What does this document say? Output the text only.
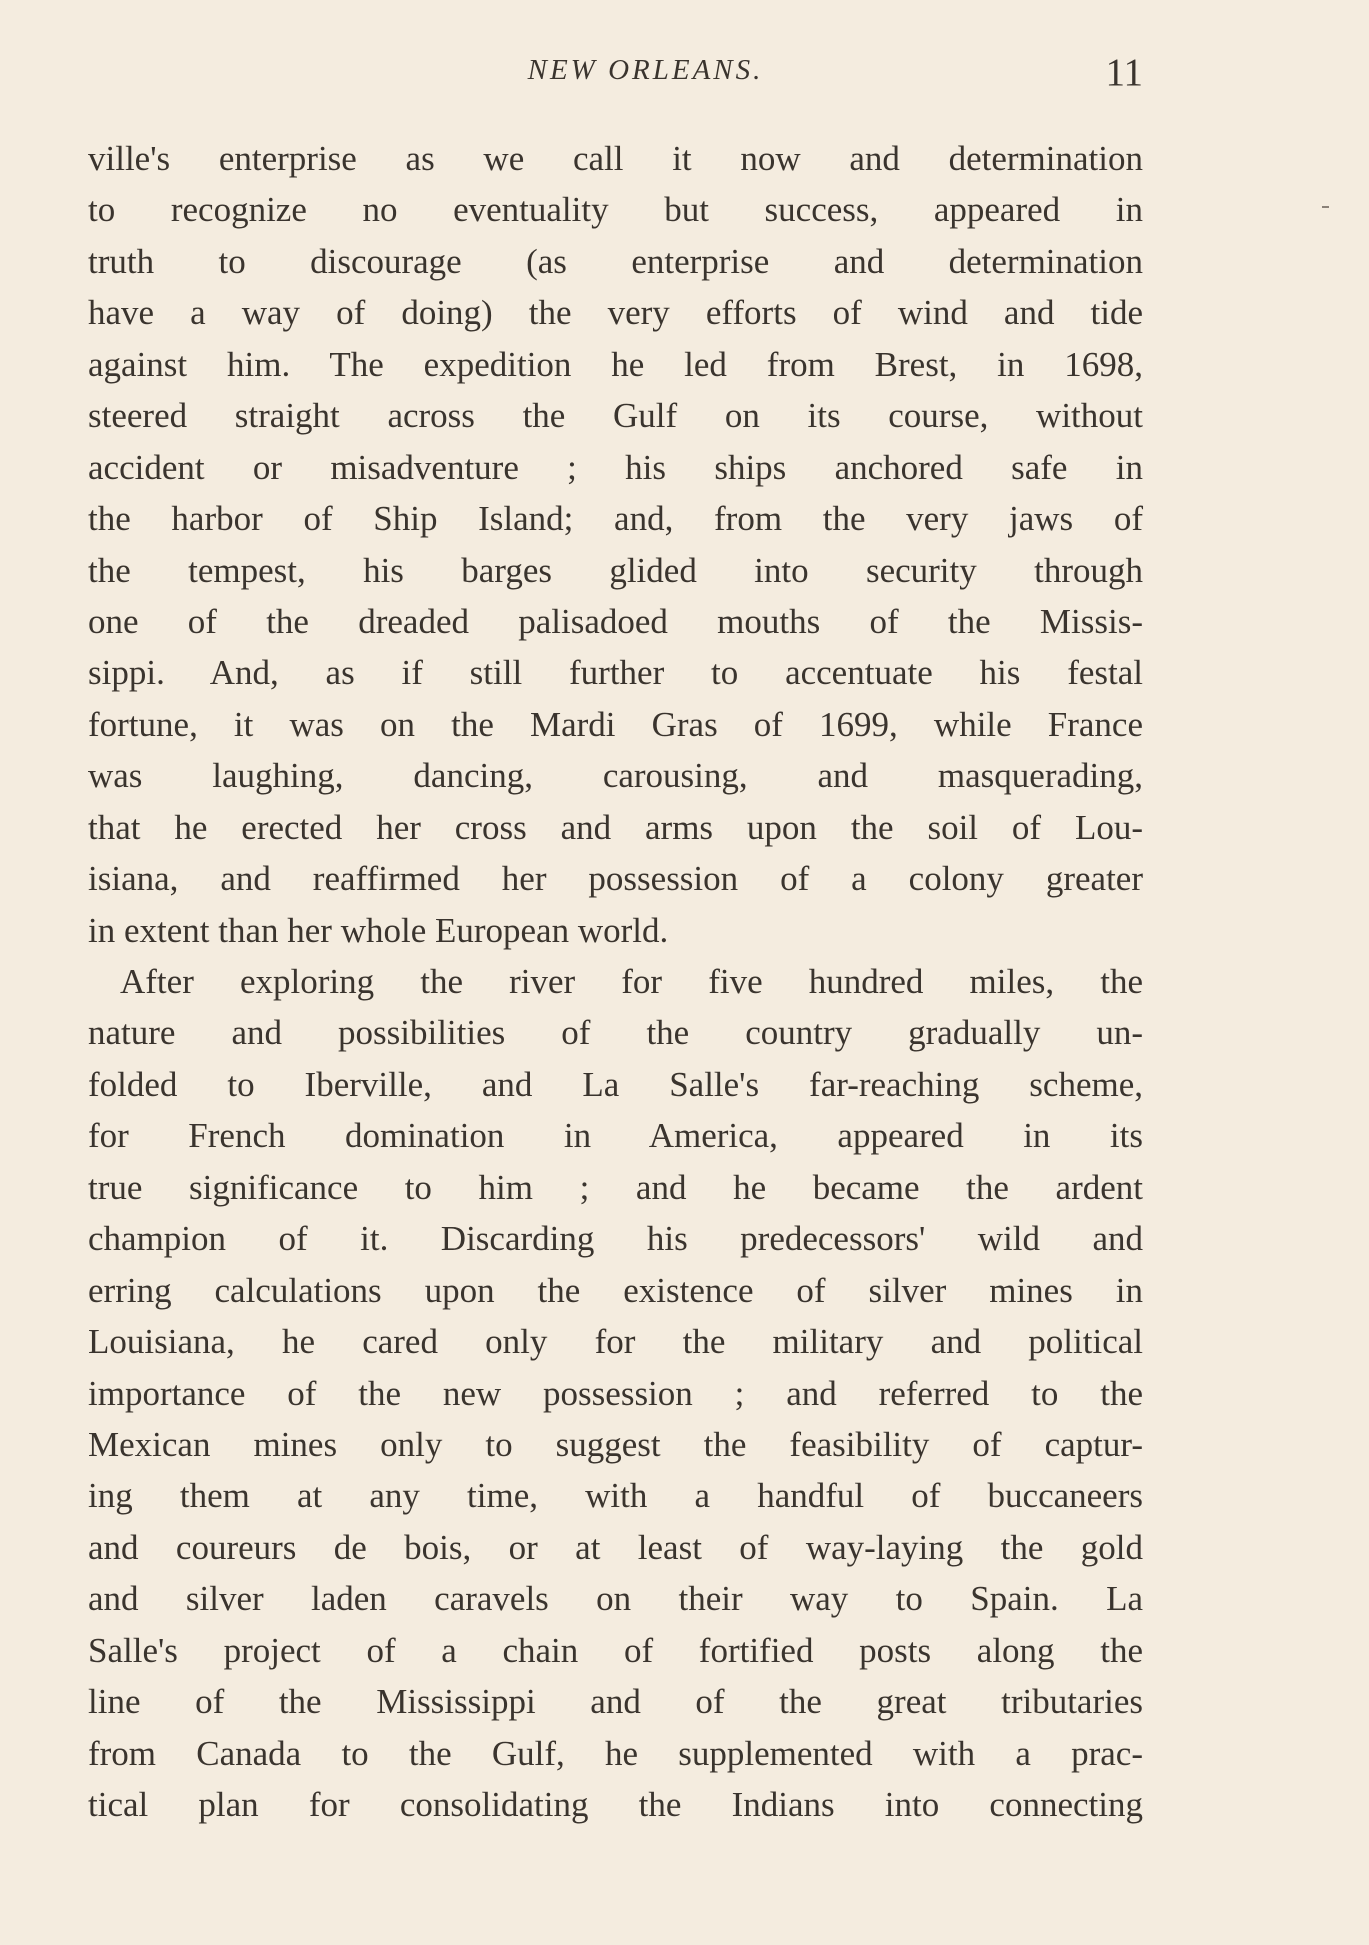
NEW ORLEANS.	11
ville's enterprise as we call it now and determination
to recognize no eventuality but success, appeared in
truth to discourage (as enterprise and determination
have a way of doing) the very efforts of wind and tide
against him. The expedition he led from Brest, in 1698,
steered straight across the Gulf on its course, without
accident or misadventure ; his ships anchored safe in
the harbor of Ship Island; and, from the very jaws of
the tempest, his barges glided into security through
one of the dreaded palisadoed mouths of the Missis-
sippi. And, as if still further to accentuate his festal
fortune, it was on the Mardi Gras of 1699, while France
was laughing, dancing, carousing, and masquerading,
that he erected her cross and arms upon the soil of Lou-
isiana, and reaffirmed her possession of a colony greater
in extent than her whole European world.
After exploring the river for five hundred miles, the
nature and possibilities of the country gradually un-
folded to Iberville, and La Salle's far-reaching scheme,
for French domination in America, appeared in its
true significance to him ; and he became the ardent
champion of it. Discarding his predecessors' wild and
erring calculations upon the existence of silver mines in
Louisiana, he cared only for the military and political
importance of the new possession ; and referred to the
Mexican mines only to suggest the feasibility of captur-
ing them at any time, with a handful of buccaneers
and coureurs de bois, or at least of way-laying the gold
and silver laden caravels on their way to Spain. La
Salle's project of a chain of fortified posts along the
line of the Mississippi and of the great tributaries
from Canada to the Gulf, he supplemented with a prac-
tical plan for consolidating the Indians into connecting
